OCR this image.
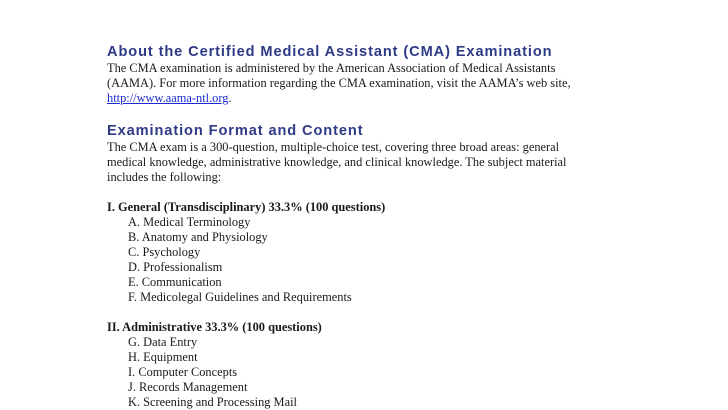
About the Certified Medical Assistant (CMA) Examination

The CMA examination is administered by the American Association of Medical Assistants

(AAMA). For more information regarding the CMA examination, visit the AAMA’s web site,

http://www.aama-ntl.org.

Examination Format and Content

The CMA exam is a 300-question, multiple-choice test, covering three broad areas: general

medical knowledge, administrative knowledge, and clinical knowledge. The subject material

includes the following:

I. General (Transdisciplinary) 33.3% (100 questions)

A. Medical Terminology
B. Anatomy and Physiology
C. Psychology
D. Professionalism
E. Communication
F. Medicolegal Guidelines and Requirements

II. Administrative 33.3% (100 questions)

G. Data Entry
H. Equipment
I. Computer Concepts
J. Records Management
K. Screening and Processing Mail
